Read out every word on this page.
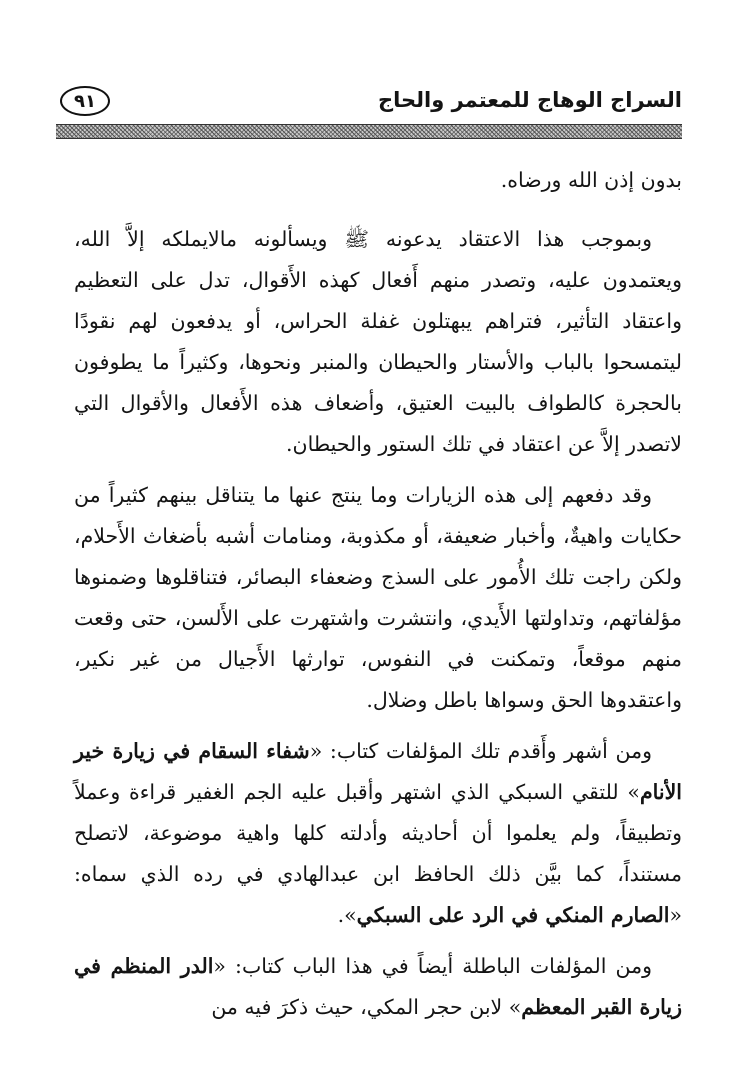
السراج الوهاج للمعتمر والحاج
٩١

بدون إذن الله ورضاه.

وبموجب هذا الاعتقاد يدعونه ﷺ ويسألونه مالايملكه إلاَّ الله، ويعتمدون عليه، وتصدر منهم أَفعال كهذه الأَقوال، تدل على التعظيم واعتقاد التأثير، فتراهم يبهتلون غفلة الحراس، أو يدفعون لهم نقودًا ليتمسحوا بالباب والأستار والحيطان والمنبر ونحوها، وكثيراً ما يطوفون بالحجرة كالطواف بالبيت العتيق، وأضعاف هذه الأَفعال والأقوال التي لاتصدر إلاَّ عن اعتقاد في تلك الستور والحيطان.

وقد دفعهم إلى هذه الزيارات وما ينتج عنها ما يتناقل بينهم كثيراً من حكايات واهيةٌ، وأخبار ضعيفة، أو مكذوبة، ومنامات أشبه بأضغاث الأَحلام، ولكن راجت تلك الأُمور على السذج وضعفاء البصائر، فتناقلوها وضمنوها مؤلفاتهم، وتداولتها الأَيدي، وانتشرت واشتهرت على الأَلسن، حتى وقعت منهم موقعاً، وتمكنت في النفوس، توارثها الأَجيال من غير نكير، واعتقدوها الحق وسواها باطل وضلال.

ومن أشهر وأَقدم تلك المؤلفات كتاب: «شفاء السقام في زيارة خير الأنام» للتقي السبكي الذي اشتهر وأقبل عليه الجم الغفير قراءة وعملاً وتطبيقاً، ولم يعلموا أن أحاديثه وأدلته كلها واهية موضوعة، لاتصلح مستنداً، كما بيَّن ذلك الحافظ ابن عبدالهادي في رده الذي سماه: «الصارم المنكي في الرد على السبكي».

ومن المؤلفات الباطلة أيضاً في هذا الباب كتاب: «الدر المنظم في زيارة القبر المعظم» لابن حجر المكي، حيث ذكرَ فيه من
